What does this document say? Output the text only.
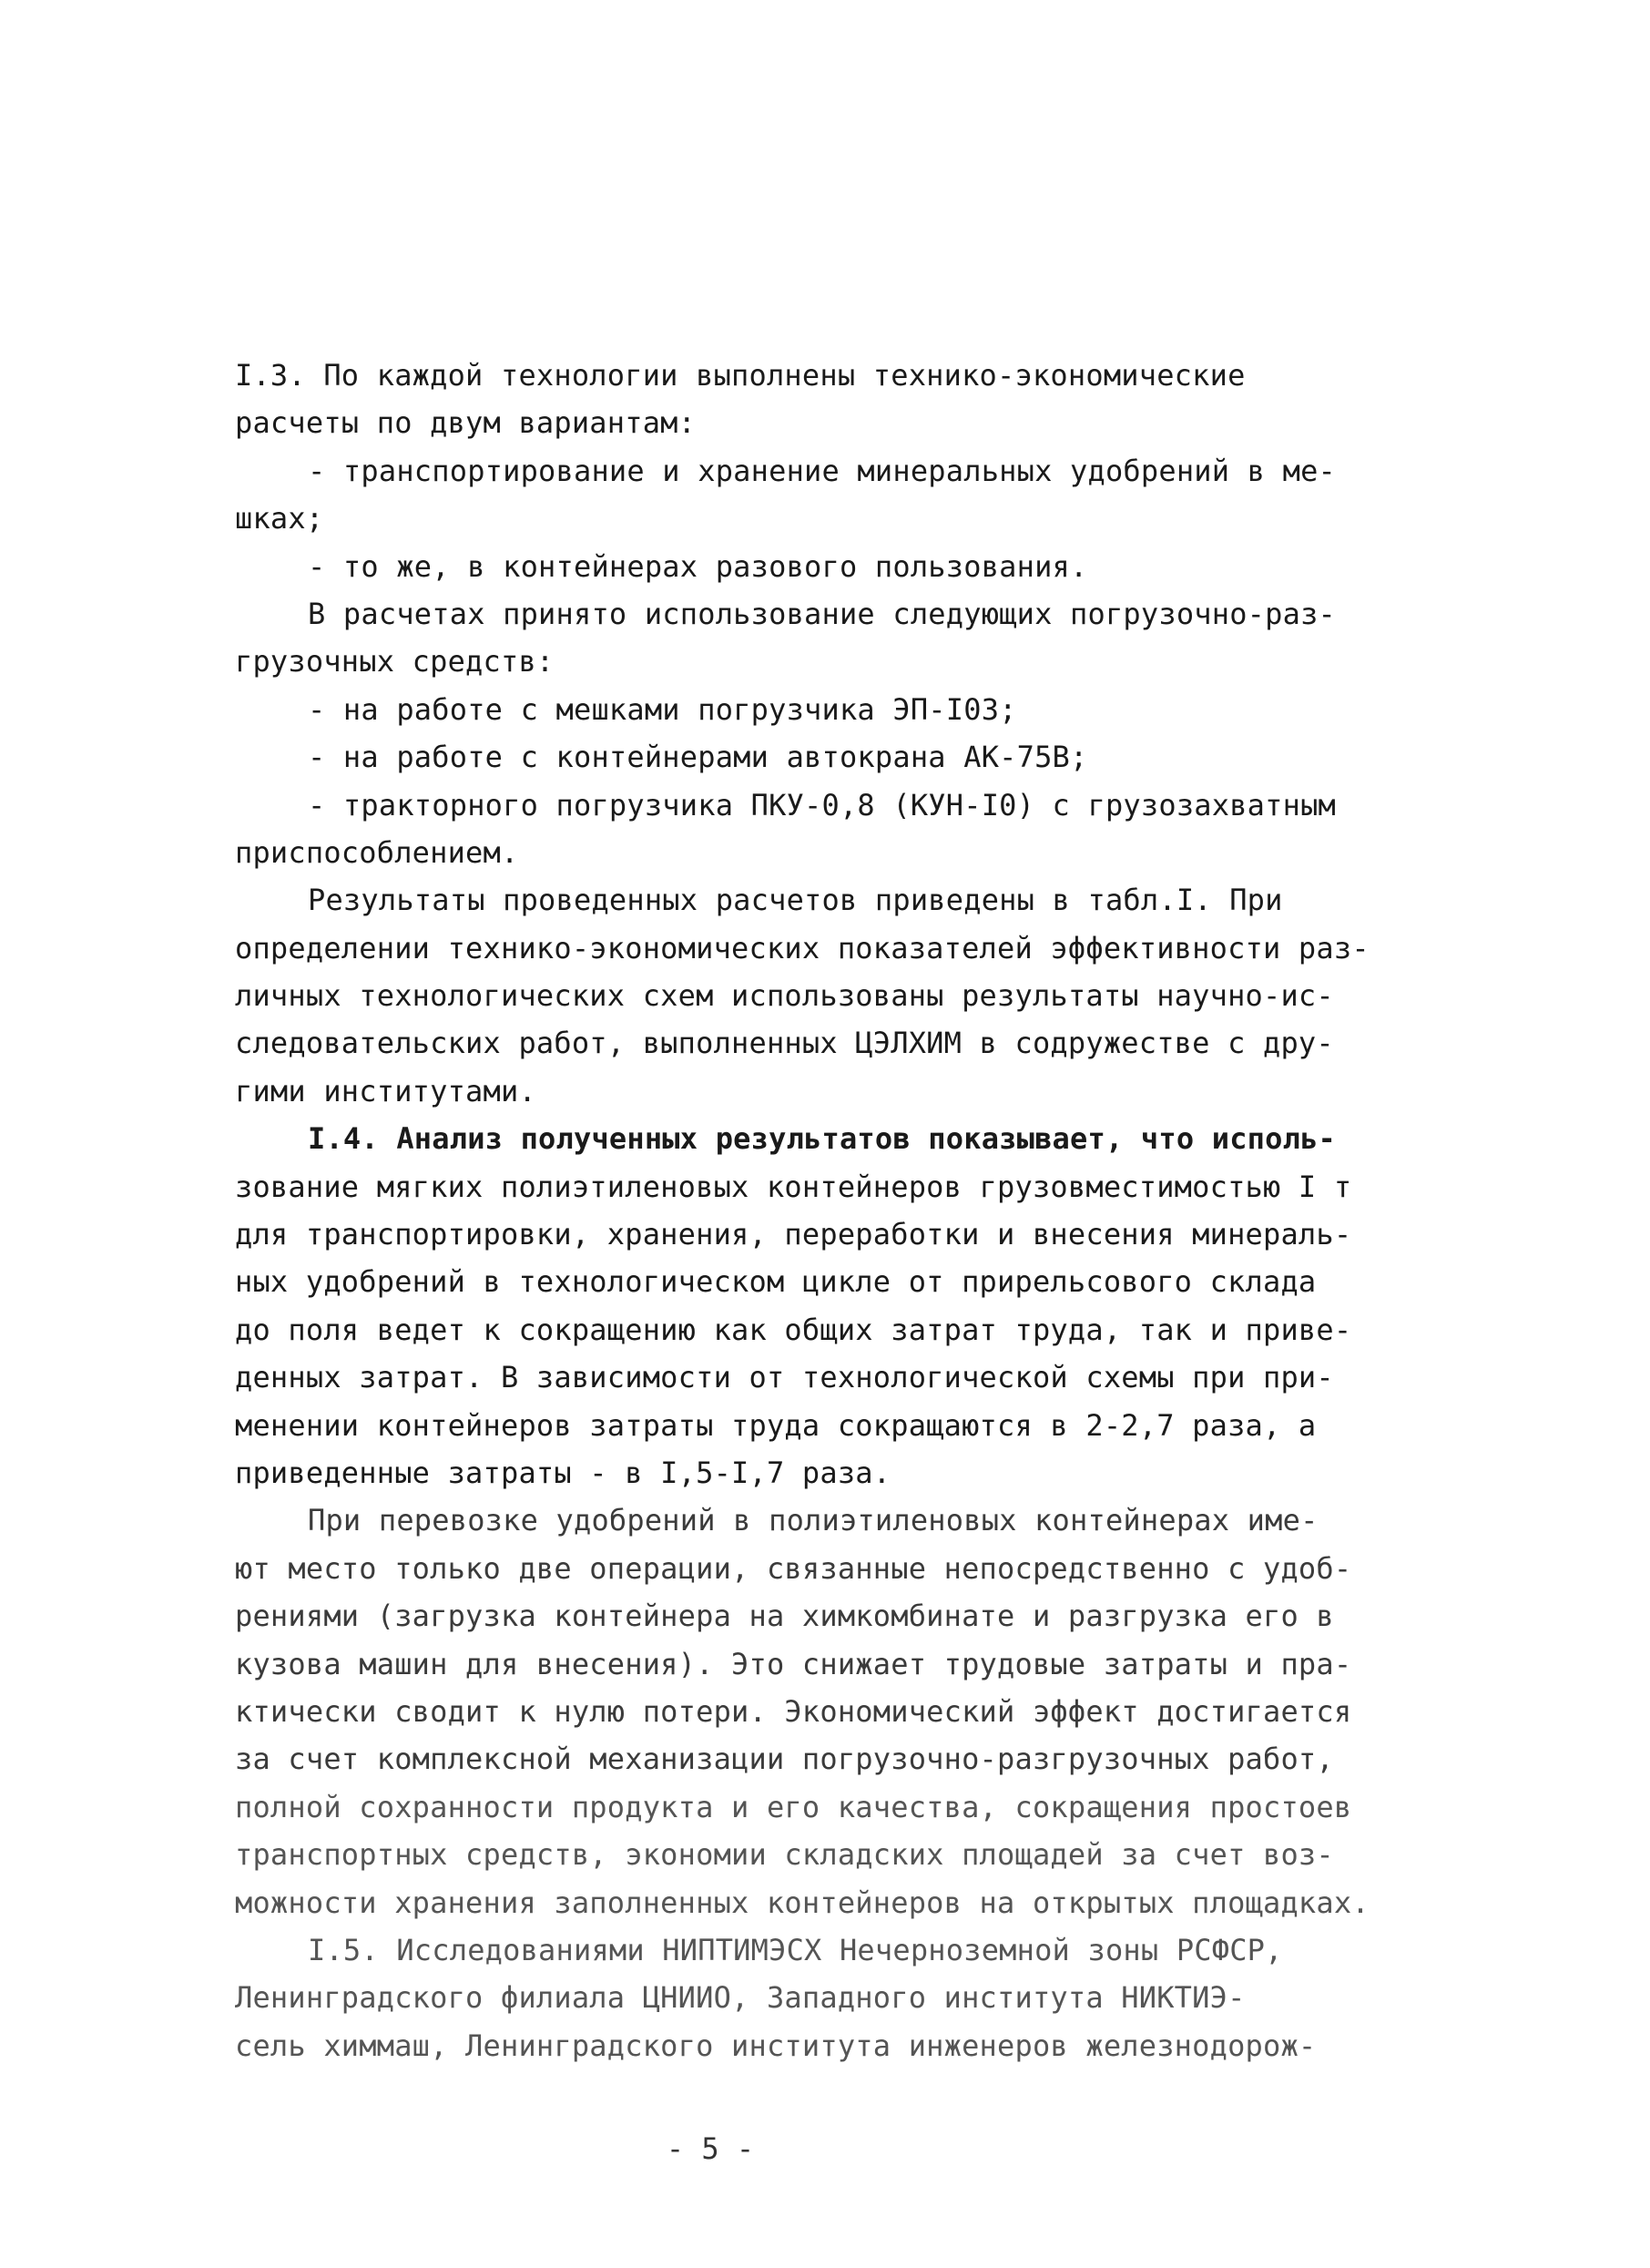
I.3. По каждой технологии выполнены технико-экономические
расчеты по двум вариантам:
- транспортирование и хранение минеральных удобрений в ме-
шках;
- то же, в контейнерах разового пользования.
В расчетах принято использование следующих погрузочно-раз-
грузочных средств:
- на работе с мешками погрузчика ЭП-I03;
- на работе с контейнерами автокрана АК-75В;
- тракторного погрузчика ПКУ-0,8 (КУН-I0) с грузозахватным
приспособлением.
Результаты проведенных расчетов приведены в табл.I. При
определении технико-экономических показателей эффективности раз-
личных технологических схем использованы результаты научно-ис-
следовательских работ, выполненных ЦЭЛХИМ в содружестве с дру-
гими институтами.
I.4. Анализ полученных результатов показывает, что исполь-
зование мягких полиэтиленовых контейнеров грузовместимостью I т
для транспортировки, хранения, переработки и внесения минераль-
ных удобрений в технологическом цикле от прирельсового склада
до поля ведет к сокращению как общих затрат труда, так и приве-
денных затрат. В зависимости от технологической схемы при при-
менении контейнеров затраты труда сокращаются в 2-2,7 раза, а
приведенные затраты - в I,5-I,7 раза.
При перевозке удобрений в полиэтиленовых контейнерах име-
ют место только две операции, связанные непосредственно с удоб-
рениями (загрузка контейнера на химкомбинате и разгрузка его в
кузова машин для внесения). Это снижает трудовые затраты и пра-
ктически сводит к нулю потери. Экономический эффект достигается
за счет комплексной механизации погрузочно-разгрузочных работ,
полной сохранности продукта и его качества, сокращения простоев
транспортных средств, экономии складских площадей за счет воз-
можности хранения заполненных контейнеров на открытых площадках.
I.5. Исследованиями НИПТИМЭСХ Нечерноземной зоны РСФСР,
Ленинградского филиала ЦНИИО, Западного института НИКТИЭ-
сель химмаш, Ленинградского института инженеров железнодорож-
- 5 -
